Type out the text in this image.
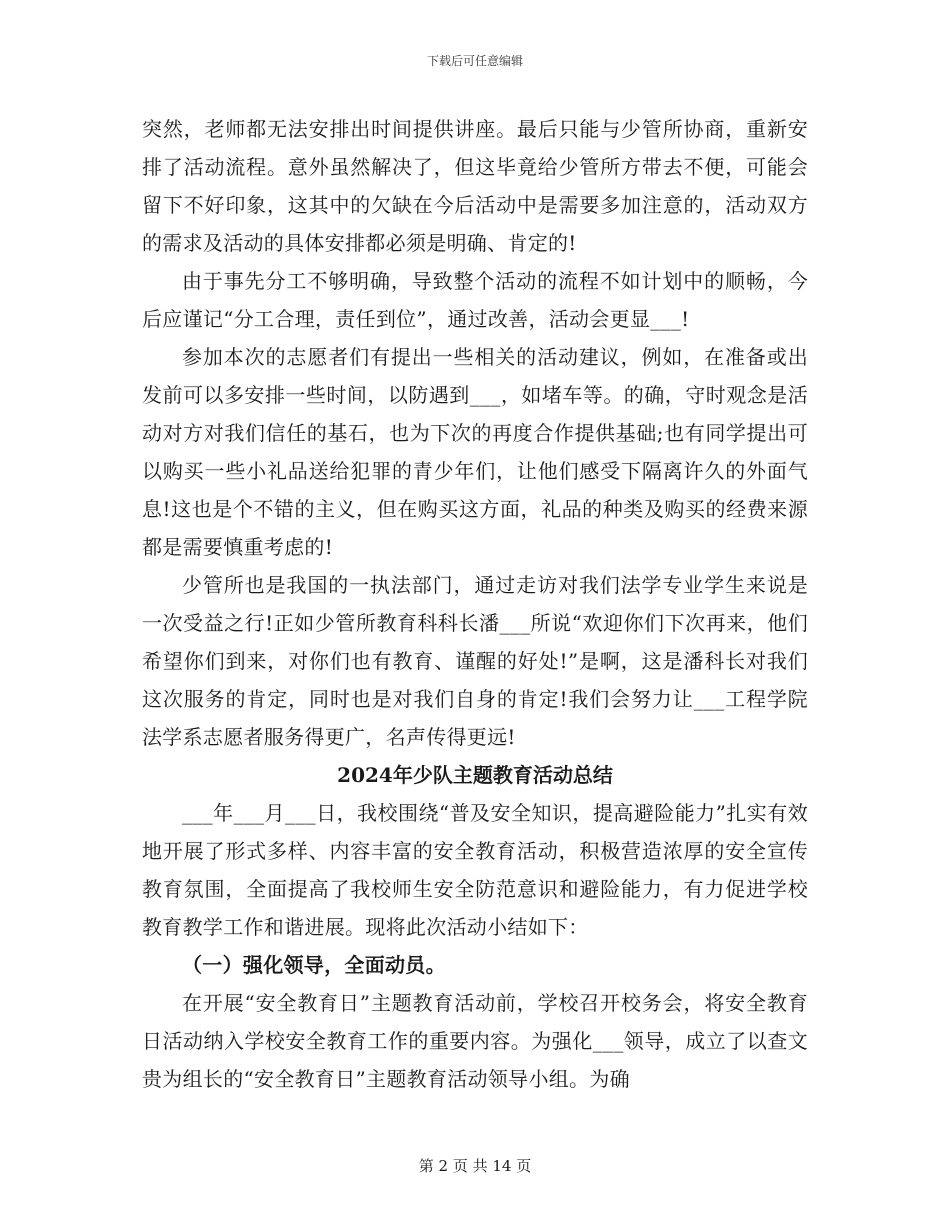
下载后可任意编辑

突然，老师都无法安排出时间提供讲座。最后只能与少管所协商，重新安排了活动流程。意外虽然解决了，但这毕竟给少管所方带去不便，可能会留下不好印象，这其中的欠缺在今后活动中是需要多加注意的，活动双方的需求及活动的具体安排都必须是明确、肯定的!

由于事先分工不够明确，导致整个活动的流程不如计划中的顺畅，今后应谨记“分工合理，责任到位”，通过改善，活动会更显___!

参加本次的志愿者们有提出一些相关的活动建议，例如，在准备或出发前可以多安排一些时间，以防遇到___，如堵车等。的确，守时观念是活动对方对我们信任的基石，也为下次的再度合作提供基础;也有同学提出可以购买一些小礼品送给犯罪的青少年们，让他们感受下隔离许久的外面气息!这也是个不错的主义，但在购买这方面，礼品的种类及购买的经费来源都是需要慎重考虑的!

少管所也是我国的一执法部门，通过走访对我们法学专业学生来说是一次受益之行!正如少管所教育科科长潘___所说“欢迎你们下次再来，他们希望你们到来，对你们也有教育、谨醒的好处!”是啊，这是潘科长对我们这次服务的肯定，同时也是对我们自身的肯定!我们会努力让___工程学院法学系志愿者服务得更广，名声传得更远!

2024年少队主题教育活动总结

___年___月___日，我校围绕“普及安全知识，提高避险能力”扎实有效地开展了形式多样、内容丰富的安全教育活动，积极营造浓厚的安全宣传教育氛围，全面提高了我校师生安全防范意识和避险能力，有力促进学校教育教学工作和谐进展。现将此次活动小结如下：

（一）强化领导，全面动员。

在开展“安全教育日”主题教育活动前，学校召开校务会，将安全教育日活动纳入学校安全教育工作的重要内容。为强化___领导，成立了以查文贵为组长的“安全教育日”主题教育活动领导小组。为确

第 2 页 共 14 页
